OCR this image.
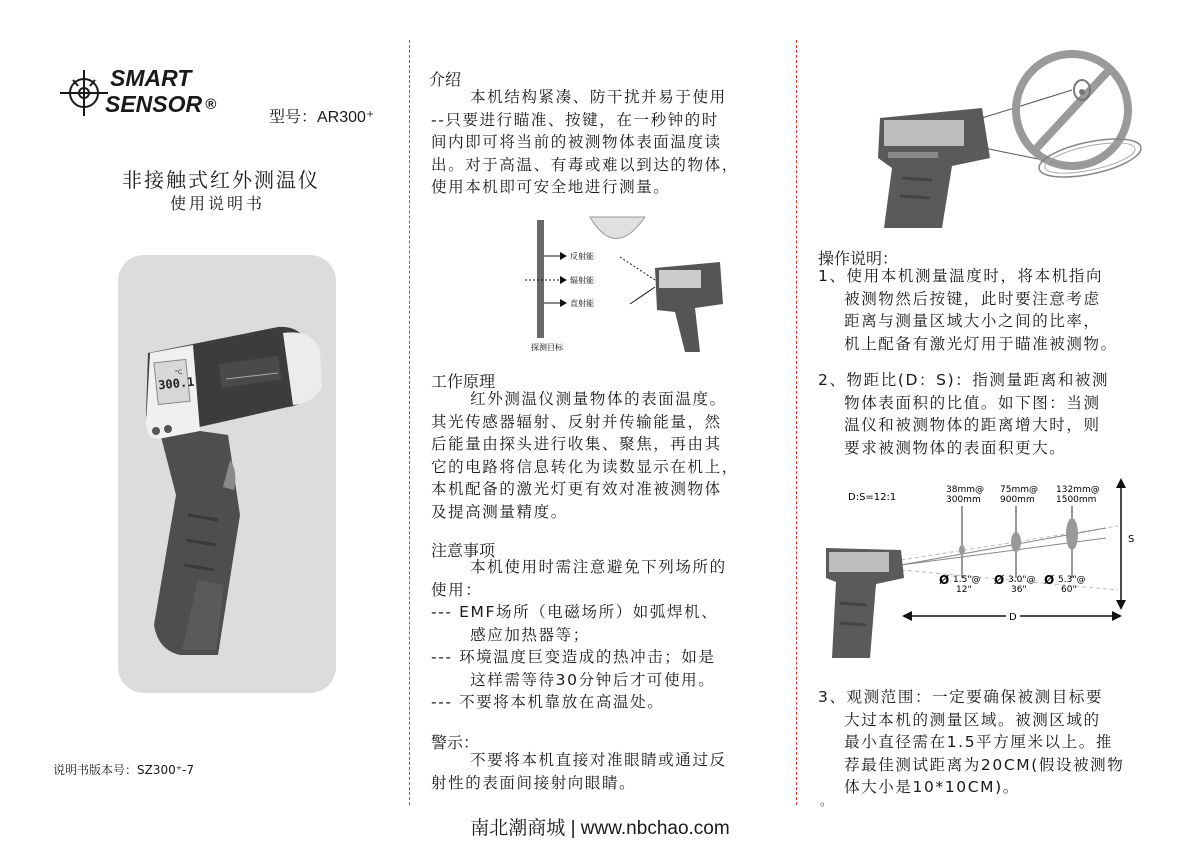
SMART
SENSOR ®
型号：AR300⁺
非接触式红外测温仪
使用说明书
300.1
°C
说明书版本号：SZ300⁺-7
介绍
本机结构紧凑、防干扰并易于使用
--只要进行瞄准、按键，在一秒钟的时
间内即可将当前的被测物体表面温度读
出。对于高温、有毒或难以到达的物体，
使用本机即可安全地进行测量。
反射能
辐射能
直射能
探测目标
工作原理
红外测温仪测量物体的表面温度。
其光传感器辐射、反射并传输能量，然
后能量由探头进行收集、聚焦，再由其
它的电路将信息转化为读数显示在机上，
本机配备的激光灯更有效对准被测物体
及提高测量精度。
注意事项
本机使用时需注意避免下列场所的
使用：
--- EMF场所（电磁场所）如弧焊机、
感应加热器等；
--- 环境温度巨变造成的热冲击；如是
这样需等待30分钟后才可使用。
--- 不要将本机靠放在高温处。
警示：
不要将本机直接对准眼睛或通过反
射性的表面间接射向眼睛。
操作说明：
1、使用本机测量温度时，将本机指向
被测物然后按键，此时要注意考虑
距离与测量区域大小之间的比率，
机上配备有激光灯用于瞄准被测物。
2、物距比(D：S)：指测量距离和被测
物体表面积的比值。如下图：当测
温仪和被测物体的距离增大时，则
要求被测物体的表面积更大。
D:S=12:1
38mm@
300mm
75mm@
900mm
132mm@
1500mm
S
Ø 1.5"@
12"
Ø 3.0"@
36"
Ø 5.3"@
60"
D
3、观测范围：一定要确保被测目标要
大过本机的测量区域。被测区域的
最小直径需在1.5平方厘米以上。推
荐最佳测试距离为20CM(假设被测物
体大小是10*10CM)。
。
南北潮商城 | www.nbchao.com
